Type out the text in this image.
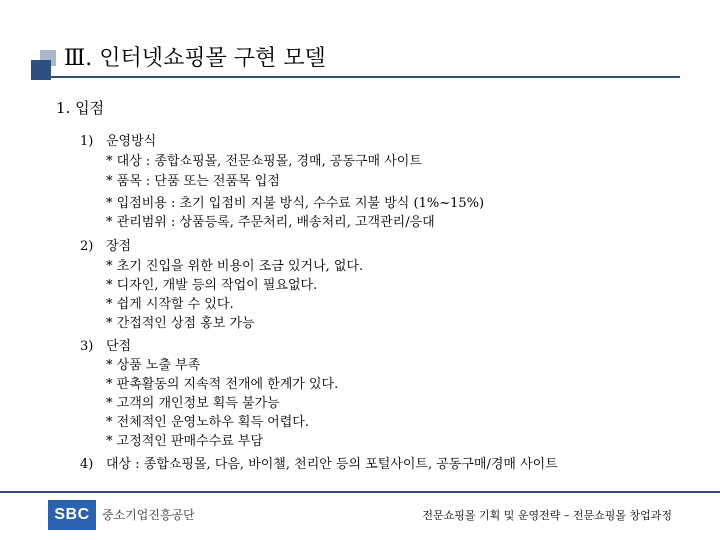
Ⅲ. 인터넷쇼핑몰 구현 모델
1. 입점
1) 운영방식
* 대상 : 종합쇼핑몰, 전문쇼핑몰, 경매, 공동구매 사이트
* 품목 : 단품 또는 전품목 입점
* 입점비용 : 초기 입점비 지불 방식, 수수료 지불 방식 (1%~15%)
* 관리범위 : 상품등록, 주문처리, 배송처리, 고객관리/응대
2) 장점
* 초기 진입을 위한 비용이 조금 있거나, 없다.
* 디자인, 개발 등의 작업이 필요없다.
* 쉽게 시작할 수 있다.
* 간접적인 상점 홍보 가능
3) 단점
* 상품 노출 부족
* 판촉활동의 지속적 전개에 한계가 있다.
* 고객의 개인정보 획득 불가능
* 전체적인 운영노하우 획득 어렵다.
* 고정적인 판매수수료 부담
4) 대상 : 종합쇼핑몰, 다음, 바이챌, 천리안 등의 포털사이트, 공동구매/경매 사이트
SBC	중소기업진흥공단	전문쇼핑몰 기획 및 운영전략 – 전문쇼핑몰 창업과정
